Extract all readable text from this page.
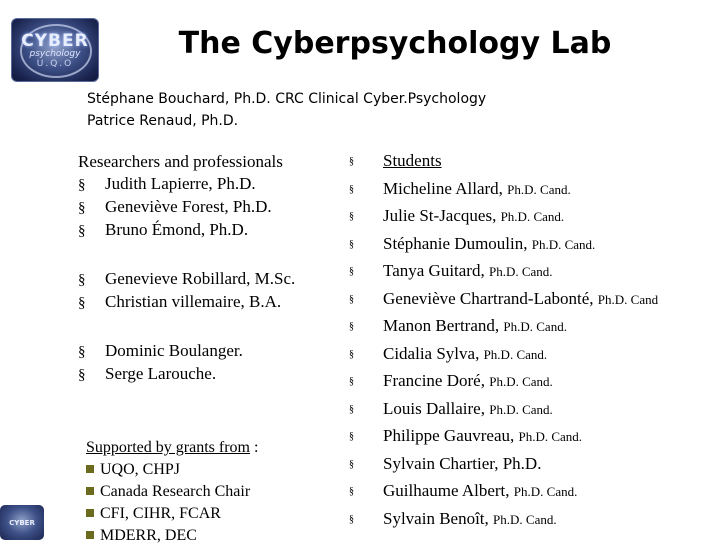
CYBER
psychology
U.Q.O
The Cyberpsychology Lab
Stéphane Bouchard, Ph.D. CRC Clinical Cyber.Psychology
Patrice Renaud, Ph.D.
Researchers and professionals
§ Judith Lapierre, Ph.D.
§ Geneviève Forest, Ph.D.
§ Bruno Émond, Ph.D.
§ Genevieve Robillard, M.Sc.
§ Christian villemaire, B.A.
§ Dominic Boulanger.
§ Serge Larouche.
Supported by grants from :
UQO, CHPJ
Canada Research Chair
CFI, CIHR, FCAR
MDERR, DEC
§ Students
§ Micheline Allard, Ph.D. Cand.
§ Julie St-Jacques, Ph.D. Cand.
§ Stéphanie Dumoulin, Ph.D. Cand.
§ Tanya Guitard, Ph.D. Cand.
§ Geneviève Chartrand-Labonté, Ph.D. Cand
§ Manon Bertrand, Ph.D. Cand.
§ Cidalia Sylva, Ph.D. Cand.
§ Francine Doré, Ph.D. Cand.
§ Louis Dallaire, Ph.D. Cand.
§ Philippe Gauvreau, Ph.D. Cand.
§ Sylvain Chartier, Ph.D.
§ Guilhaume Albert, Ph.D. Cand.
§ Sylvain Benoît, Ph.D. Cand.
CYBER
